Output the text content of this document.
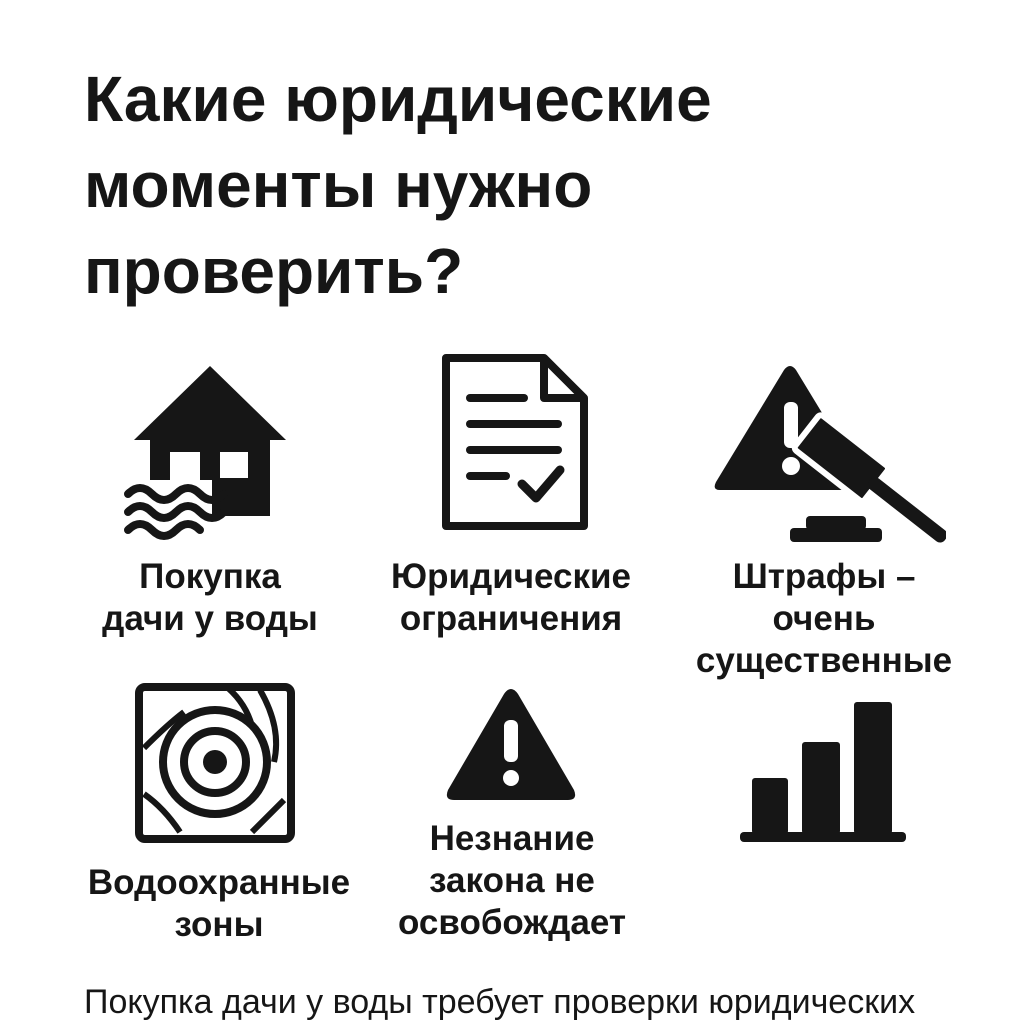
Какие юридические
моменты нужно
проверить?
Покупка
дачи у воды
Юридические
ограничения
Штрафы –
очень
существенные
Водоохранные
зоны
Незнание
закона не
освобождает
Покупка дачи у воды требует проверки юридических
